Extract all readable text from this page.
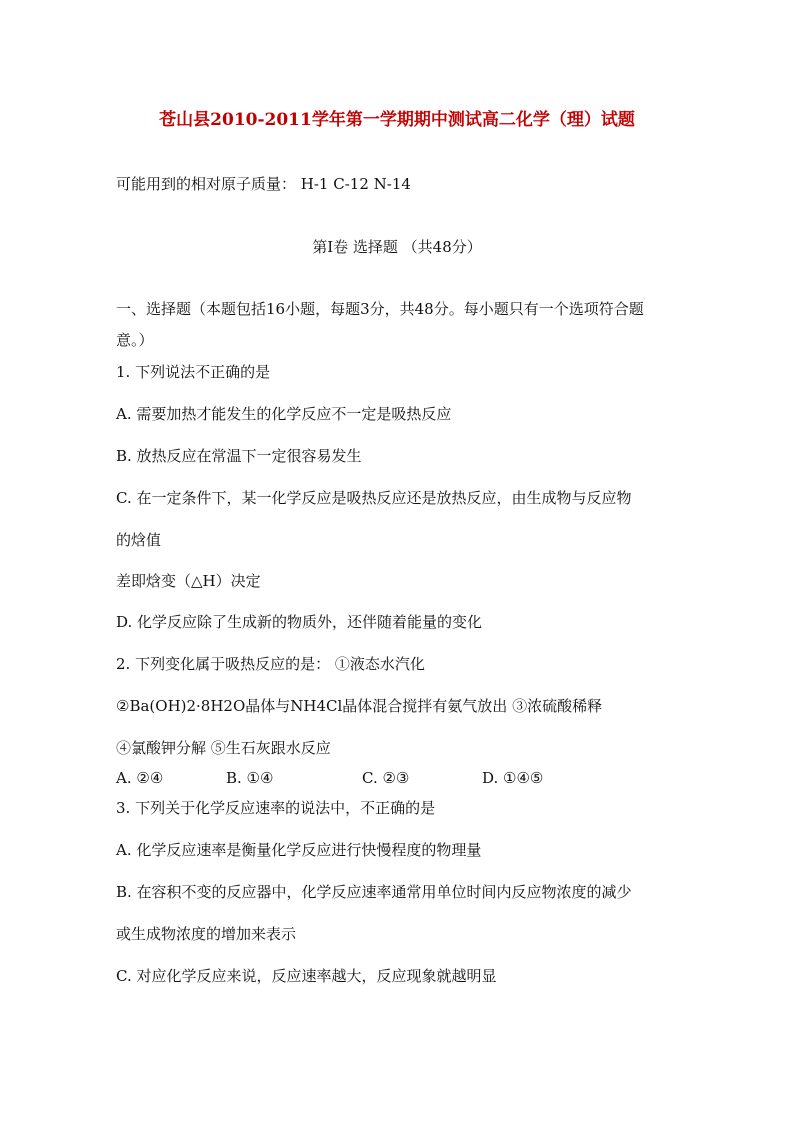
苍山县2010-2011学年第一学期期中测试高二化学（理）试题
可能用到的相对原子质量： H-1 C-12 N-14
第Ⅰ卷 选择题 （共48分）
一、选择题（本题包括16小题，每题3分，共48分。每小题只有一个选项符合题
意。）
1. 下列说法不正确的是
A. 需要加热才能发生的化学反应不一定是吸热反应
B. 放热反应在常温下一定很容易发生
C. 在一定条件下，某一化学反应是吸热反应还是放热反应，由生成物与反应物
的焓值
差即焓变（△H）决定
D. 化学反应除了生成新的物质外，还伴随着能量的变化
2. 下列变化属于吸热反应的是： ①液态水汽化
②Ba(OH)2·8H2O晶体与NH4Cl晶体混合搅拌有氨气放出 ③浓硫酸稀释
④氯酸钾分解 ⑤生石灰跟水反应
A. ②④	B. ①④	C. ②③	D. ①④⑤
3. 下列关于化学反应速率的说法中，不正确的是
A. 化学反应速率是衡量化学反应进行快慢程度的物理量
B. 在容积不变的反应器中，化学反应速率通常用单位时间内反应物浓度的减少
或生成物浓度的增加来表示
C. 对应化学反应来说，反应速率越大，反应现象就越明显
